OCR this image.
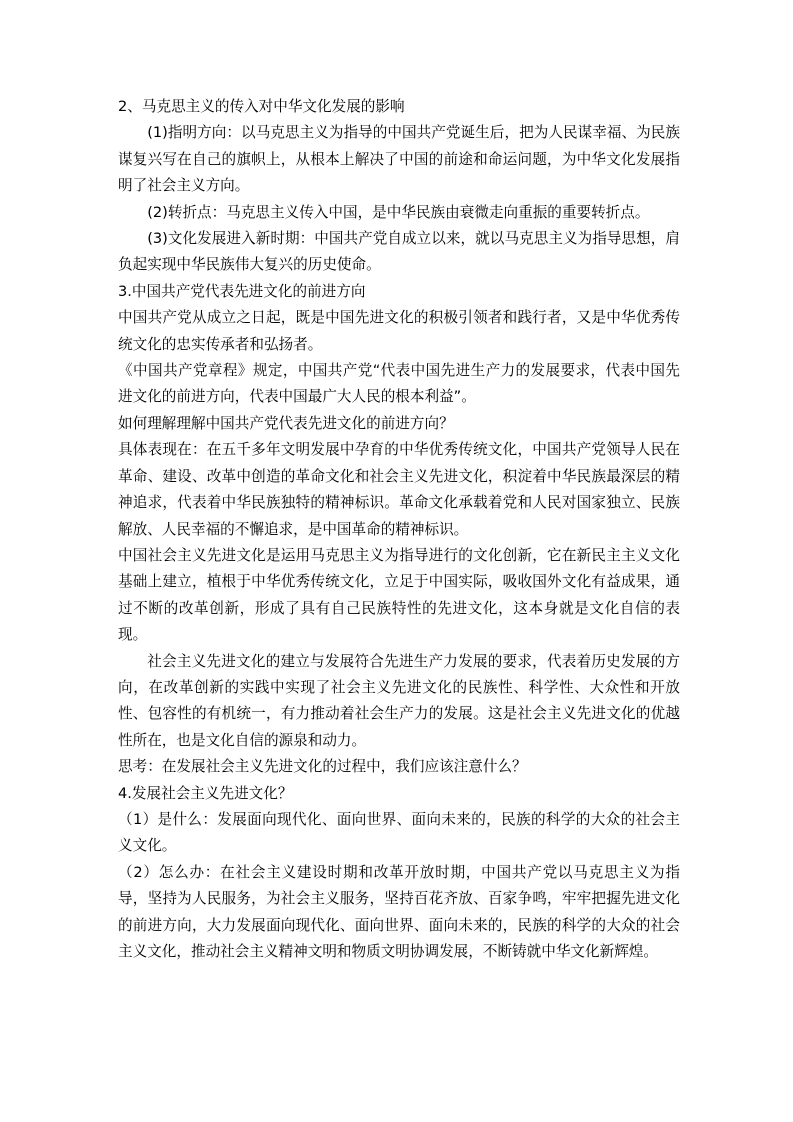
2、马克思主义的传入对中华文化发展的影响

(1)指明方向：以马克思主义为指导的中国共产党诞生后，把为人民谋幸福、为民族谋复兴写在自己的旗帜上，从根本上解决了中国的前途和命运问题，为中华文化发展指明了社会主义方向。

(2)转折点：马克思主义传入中国，是中华民族由衰微走向重振的重要转折点。

(3)文化发展进入新时期：中国共产党自成立以来，就以马克思主义为指导思想，肩负起实现中华民族伟大复兴的历史使命。

3.中国共产党代表先进文化的前进方向

中国共产党从成立之日起，既是中国先进文化的积极引领者和践行者，又是中华优秀传统文化的忠实传承者和弘扬者。

《中国共产党章程》规定，中国共产党“代表中国先进生产力的发展要求，代表中国先进文化的前进方向，代表中国最广大人民的根本利益”。

如何理解理解中国共产党代表先进文化的前进方向？

具体表现在：在五千多年文明发展中孕育的中华优秀传统文化，中国共产党领导人民在革命、建设、改革中创造的革命文化和社会主义先进文化，积淀着中华民族最深层的精神追求，代表着中华民族独特的精神标识。革命文化承载着党和人民对国家独立、民族解放、人民幸福的不懈追求，是中国革命的精神标识。

中国社会主义先进文化是运用马克思主义为指导进行的文化创新，它在新民主主义文化基础上建立，植根于中华优秀传统文化，立足于中国实际，吸收国外文化有益成果，通过不断的改革创新，形成了具有自己民族特性的先进文化，这本身就是文化自信的表现。

社会主义先进文化的建立与发展符合先进生产力发展的要求，代表着历史发展的方向，在改革创新的实践中实现了社会主义先进文化的民族性、科学性、大众性和开放性、包容性的有机统一，有力推动着社会生产力的发展。这是社会主义先进文化的优越性所在，也是文化自信的源泉和动力。

思考：在发展社会主义先进文化的过程中，我们应该注意什么？

4.发展社会主义先进文化？

（1）是什么：发展面向现代化、面向世界、面向未来的，民族的科学的大众的社会主义文化。

（2）怎么办：在社会主义建设时期和改革开放时期，中国共产党以马克思主义为指导，坚持为人民服务，为社会主义服务，坚持百花齐放、百家争鸣，牢牢把握先进文化的前进方向，大力发展面向现代化、面向世界、面向未来的，民族的科学的大众的社会主义文化，推动社会主义精神文明和物质文明协调发展，不断铸就中华文化新辉煌。
